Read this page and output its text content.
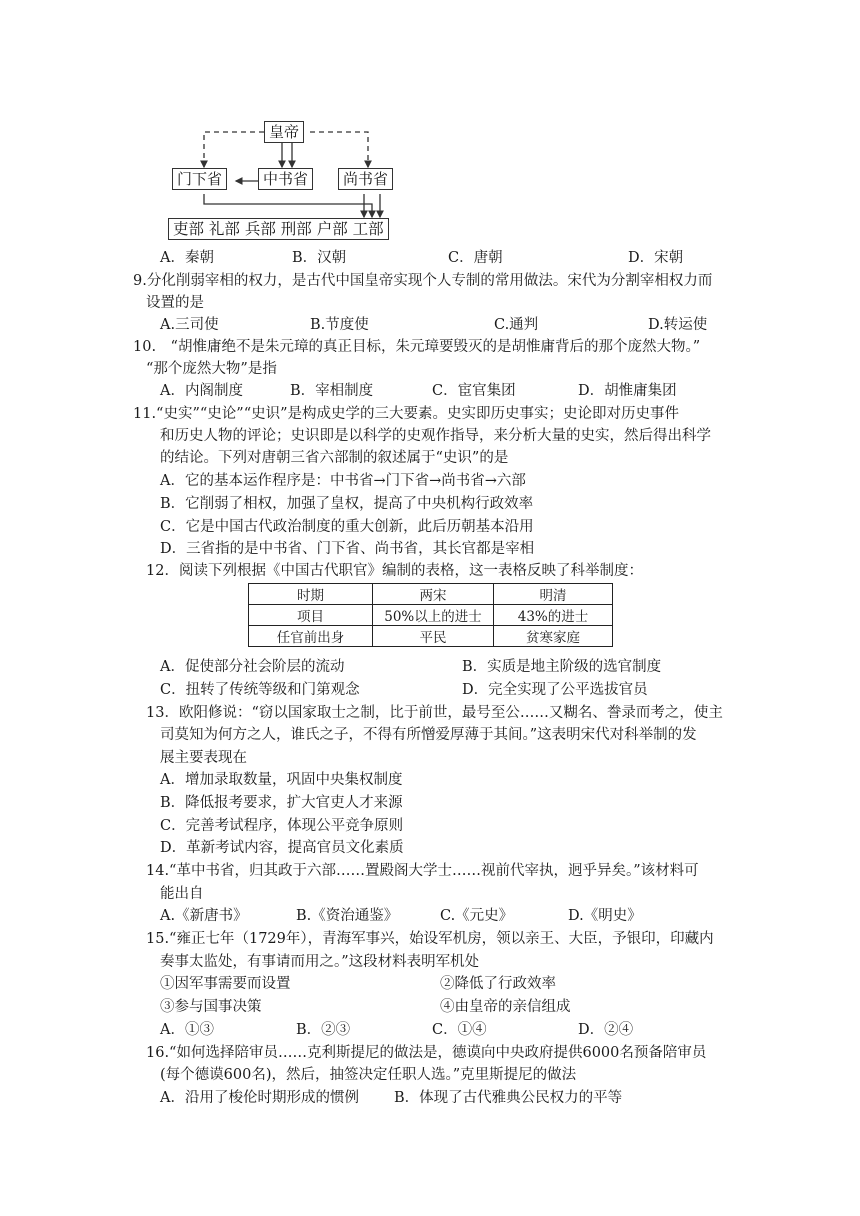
皇帝
门下省	中书省	尚书省
吏部 礼部 兵部 刑部 户部 工部
A．秦朝	B．汉朝	C．唐朝	D．宋朝
9.分化削弱宰相的权力，是古代中国皇帝实现个人专制的常用做法。宋代为分割宰相权力而
设置的是
A.三司使	B.节度使	C.通判	D.转运使
10.　“胡惟庸绝不是朱元璋的真正目标，朱元璋要毁灭的是胡惟庸背后的那个庞然大物。”
“那个庞然大物”是指
A．内阁制度	B．宰相制度	C．宦官集团	D．胡惟庸集团
11.“史实”“史论”“史识”是构成史学的三大要素。史实即历史事实；史论即对历史事件
和历史人物的评论；史识即是以科学的史观作指导，来分析大量的史实，然后得出科学
的结论。下列对唐朝三省六部制的叙述属于“史识”的是
A．它的基本运作程序是：中书省→门下省→尚书省→六部
B．它削弱了相权，加强了皇权，提高了中央机构行政效率
C．它是中国古代政治制度的重大创新，此后历朝基本沿用
D．三省指的是中书省、门下省、尚书省，其长官都是宰相
12．阅读下列根据《中国古代职官》编制的表格，这一表格反映了科举制度：
时期	两宋	明清
项目	50%以上的进士	43%的进士
任官前出身	平民	贫寒家庭
A．促使部分社会阶层的流动	B．实质是地主阶级的选官制度
C．扭转了传统等级和门第观念	D．完全实现了公平选拔官员
13．欧阳修说：“窃以国家取士之制，比于前世，最号至公……又糊名、誊录而考之，使主
司莫知为何方之人，谁氏之子，不得有所憎爱厚薄于其间。”这表明宋代对科举制的发
展主要表现在
A．增加录取数量，巩固中央集权制度
B．降低报考要求，扩大官吏人才来源
C．完善考试程序，体现公平竞争原则
D．革新考试内容，提高官员文化素质
14.“革中书省，归其政于六部……置殿阁大学士……视前代宰执，迥乎异矣。”该材料可
能出自
A.《新唐书》	B.《资治通鉴》	C.《元史》	D.《明史》
15.“雍正七年（1729年），青海军事兴，始设军机房，领以亲王、大臣，予银印，印藏内
奏事太监处，有事请而用之。”这段材料表明军机处
①因军事需要而设置	②降低了行政效率
③参与国事决策	④由皇帝的亲信组成
A．①③	B．②③	C．①④	D．②④
16.“如何选择陪审员……克利斯提尼的做法是，德谟向中央政府提供6000名预备陪审员
(每个德谟600名)，然后，抽签决定任职人选。”克里斯提尼的做法
A．沿用了梭伦时期形成的惯例 B．体现了古代雅典公民权力的平等
